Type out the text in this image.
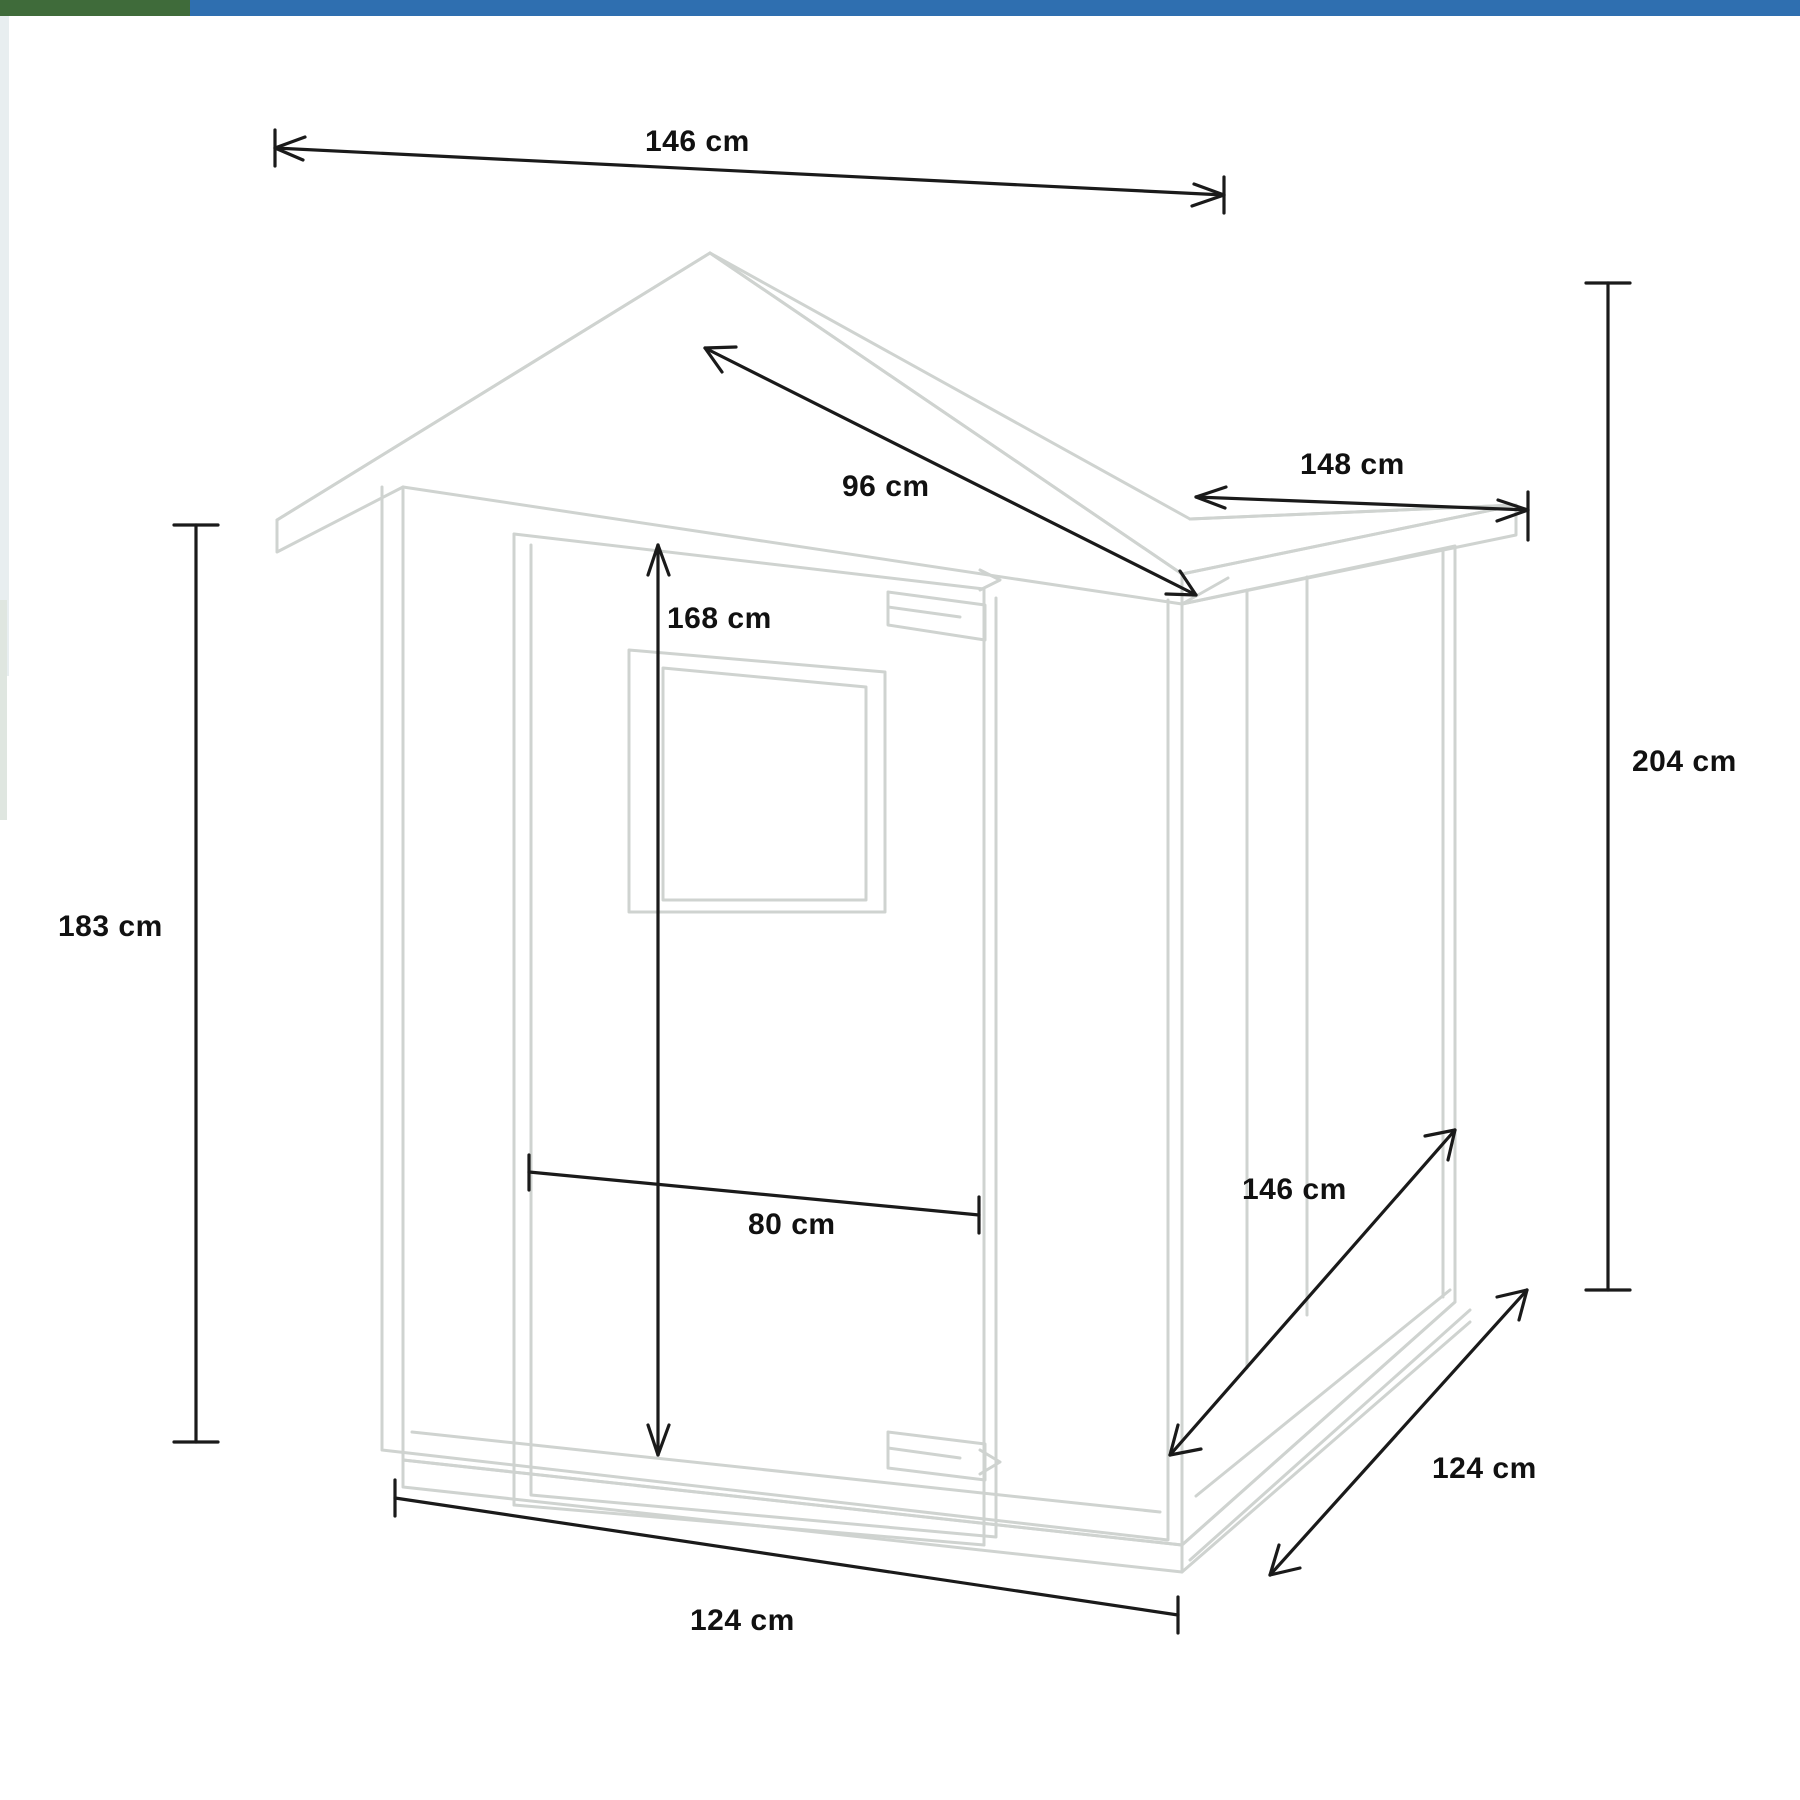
146 cm
96 cm
148 cm
204 cm
183 cm
168 cm
80 cm
146 cm
124 cm
124 cm
